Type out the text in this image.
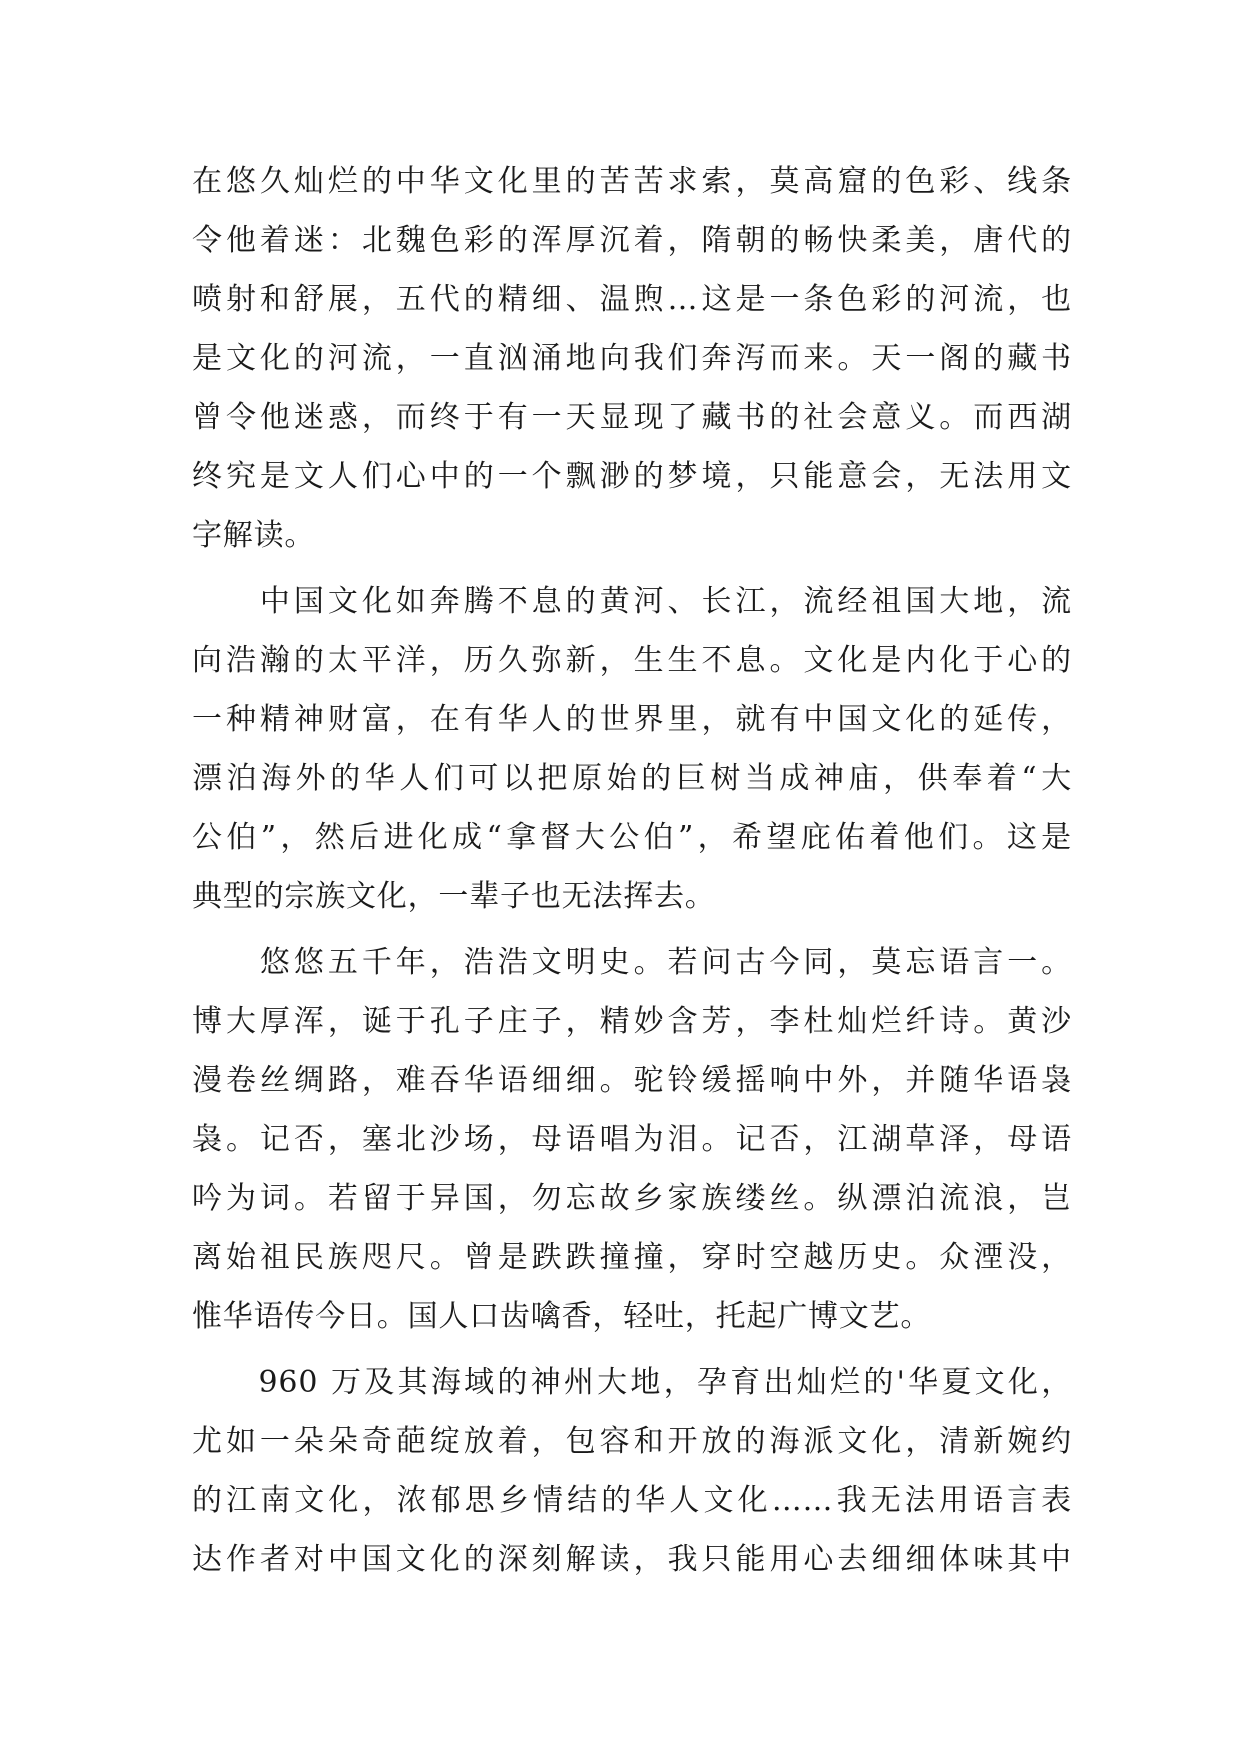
在悠久灿烂的中华文化里的苦苦求索，莫高窟的色彩、线条
令他着迷：北魏色彩的浑厚沉着，隋朝的畅快柔美，唐代的
喷射和舒展，五代的精细、温煦…这是一条色彩的河流，也
是文化的河流，一直汹涌地向我们奔泻而来。天一阁的藏书
曾令他迷惑，而终于有一天显现了藏书的社会意义。而西湖
终究是文人们心中的一个飘渺的梦境，只能意会，无法用文
字解读。
　　中国文化如奔腾不息的黄河、长江，流经祖国大地，流
向浩瀚的太平洋，历久弥新，生生不息。文化是内化于心的
一种精神财富，在有华人的世界里，就有中国文化的延传，
漂泊海外的华人们可以把原始的巨树当成神庙，供奉着“大
公伯”，然后进化成“拿督大公伯”，希望庇佑着他们。这是
典型的宗族文化，一辈子也无法挥去。
　　悠悠五千年，浩浩文明史。若问古今同，莫忘语言一。
博大厚浑，诞于孔子庄子，精妙含芳，李杜灿烂纤诗。黄沙
漫卷丝绸路，难吞华语细细。驼铃缓摇响中外，并随华语袅
袅。记否，塞北沙场，母语唱为泪。记否，江湖草泽，母语
吟为词。若留于异国，勿忘故乡家族缕丝。纵漂泊流浪，岂
离始祖民族咫尺。曾是跌跌撞撞，穿时空越历史。众湮没，
惟华语传今日。国人口齿噙香，轻吐，托起广博文艺。
　　960 万及其海域的神州大地，孕育出灿烂的'华夏文化，
尤如一朵朵奇葩绽放着，包容和开放的海派文化，清新婉约
的江南文化，浓郁思乡情结的华人文化……我无法用语言表
达作者对中国文化的深刻解读，我只能用心去细细体味其中
